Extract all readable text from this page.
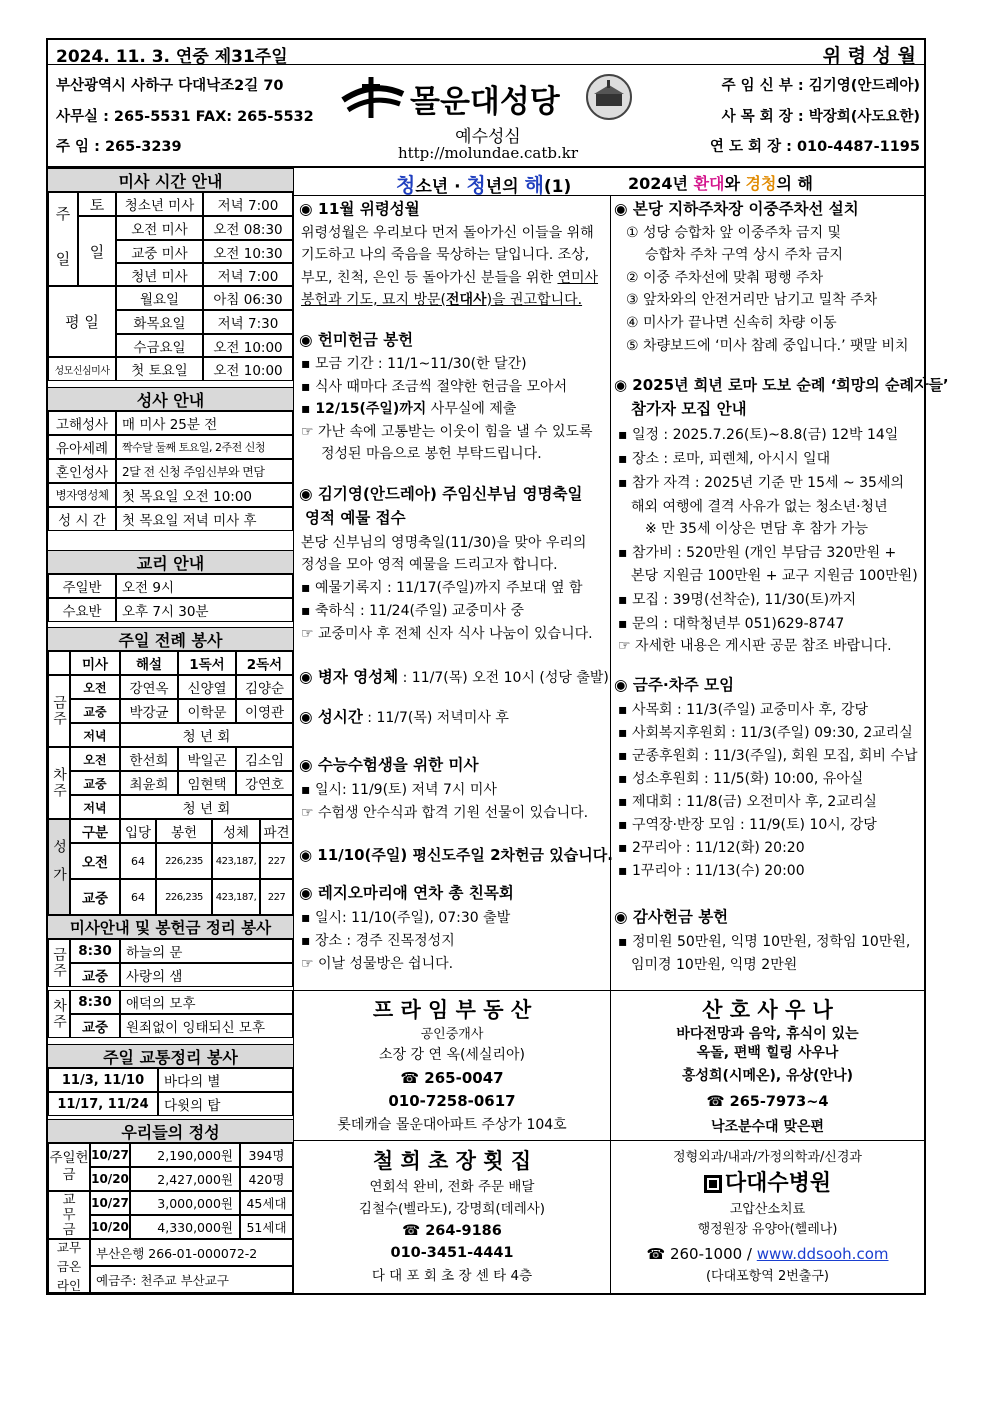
2024. 11. 3. 연중 제31주일	위 령 성 월
부산광역시 사하구 다대낙조2길 70
사무실 : 265-5531 FAX: 265-5532
주 임 : 265-3239
몰운대성당
예수성심
http://molundae.catb.kr
주 임 신 부 : 김기영(안드레아)
사 목 회 장 : 박장희(사도요한)
연 도 회 장 : 010-4487-1195
청소년 · 청년의 해(1)	2024년 환대와 경청의 해
미사 시간 안내
주 일
토
일
청소년 미사	저녁 7:00
오전 미사	오전 08:30
교중 미사	오전 10:30
청년 미사	저녁 7:00
평 일
월요일	아침 06:30
화목요일	저녁 7:30
수금요일	오전 10:00
성모신심미사	첫 토요일	오전 10:00
성사 안내
고해성사	매 미사 25분 전
유아세례	짝수달 둘째 토요일, 2주전 신청
혼인성사	2달 전 신청 주임신부와 면담
병자영성체 첫 목요일 오전 10:00
성 시 간	첫 목요일 저녁 미사 후
교리 안내
주일반	오전 9시
수요반	오후 7시 30분
주일 전례 봉사
미사	해설	1독서	2독서
금주
오전	강연옥	신양열	김양순
교중	박강균	이학문	이영관
저녁	청 년 회
차주
오전	한선희	박일곤	김소임
교중	최윤희	임현택	강연호
저녁	청 년 회
성가
구분	입당	봉헌	성체	파견
오전	64	226,235	423,187,	227
교중	64	226,235	423,187,	227
미사안내 및 봉헌금 정리 봉사
금주 8:30	하늘의 문
교중	사랑의 샘
차주 8:30	애덕의 모후
교중	원죄없이 잉태되신 모후
주일 교통정리 봉사
11/3, 11/10	바다의 별
11/17, 11/24	다윗의 탑
우리들의 정성
주일헌금
10/27	2,190,000원	394명
10/20	2,427,000원	420명
교무금
10/27	3,000,000원	45세대
10/20	4,330,000원	51세대
교무금온라인
부산은행 266-01-000072-2
예금주: 천주교 부산교구
◉ 11월 위령성월
위령성월은 우리보다 먼저 돌아가신 이들을 위해
기도하고 나의 죽음을 묵상하는 달입니다. 조상,
부모, 친척, 은인 등 돌아가신 분들을 위한 연미사
봉헌과 기도, 묘지 방문(전대사)을 권고합니다.
◉ 헌미헌금 봉헌
▪ 모금 기간 : 11/1~11/30(한 달간)
▪ 식사 때마다 조금씩 절약한 헌금을 모아서
▪ 12/15(주일)까지 사무실에 제출
☞ 가난 속에 고통받는 이웃이 힘을 낼 수 있도록
정성된 마음으로 봉헌 부탁드립니다.
◉ 김기영(안드레아) 주임신부님 영명축일
영적 예물 접수
본당 신부님의 영명축일(11/30)을 맞아 우리의
정성을 모아 영적 예물을 드리고자 합니다.
▪ 예물기록지 : 11/17(주일)까지 주보대 옆 함
▪ 축하식 : 11/24(주일) 교중미사 중
☞ 교중미사 후 전체 신자 식사 나눔이 있습니다.
◉ 병자 영성체 : 11/7(목) 오전 10시 (성당 출발)
◉ 성시간 : 11/7(목) 저녁미사 후
◉ 수능수험생을 위한 미사
▪ 일시: 11/9(토) 저녁 7시 미사
☞ 수험생 안수식과 합격 기원 선물이 있습니다.
◉ 11/10(주일) 평신도주일 2차헌금 있습니다.
◉ 레지오마리애 연차 총 친목회
▪ 일시: 11/10(주일), 07:30 출발
▪ 장소 : 경주 진목정성지
☞ 이날 성물방은 쉽니다.
◉ 본당 지하주차장 이중주차선 설치
① 성당 승합차 앞 이중주차 금지 및
승합차 주차 구역 상시 주차 금지
② 이중 주차선에 맞춰 평행 주차
③ 앞차와의 안전거리만 남기고 밀착 주차
④ 미사가 끝나면 신속히 차량 이동
⑤ 차량보드에 ‘미사 참례 중입니다.’ 팻말 비치
◉ 2025년 희년 로마 도보 순례 ‘희망의 순례자들’
참가자 모집 안내
▪ 일정 : 2025.7.26(토)~8.8(금) 12박 14일
▪ 장소 : 로마, 피렌체, 아시시 일대
▪ 참가 자격 : 2025년 기준 만 15세 ~ 35세의
해외 여행에 결격 사유가 없는 청소년·청년
※ 만 35세 이상은 면담 후 참가 가능
▪ 참가비 : 520만원 (개인 부담금 320만원 +
본당 지원금 100만원 + 교구 지원금 100만원)
▪ 모집 : 39명(선착순), 11/30(토)까지
▪ 문의 : 대학청년부 051)629-8747
☞ 자세한 내용은 게시판 공문 참조 바랍니다.
◉ 금주·차주 모임
▪ 사목회 : 11/3(주일) 교중미사 후, 강당
▪ 사회복지후원회 : 11/3(주일) 09:30, 2교리실
▪ 군종후원회 : 11/3(주일), 회원 모집, 회비 수납
▪ 성소후원회 : 11/5(화) 10:00, 유아실
▪ 제대회 : 11/8(금) 오전미사 후, 2교리실
▪ 구역장·반장 모임 : 11/9(토) 10시, 강당
▪ 2꾸리아 : 11/12(화) 20:20
▪ 1꾸리아 : 11/13(수) 20:00
◉ 감사헌금 봉헌
▪ 정미원 50만원, 익명 10만원, 정학임 10만원,
임미경 10만원, 익명 2만원
프 라 임 부 동 산
공인중개사
소장 강 연 옥(세실리아)
☎ 265-0047
010-7258-0617
롯데캐슬 몰운대아파트 주상가 104호
산 호 사 우 나
바다전망과 음악, 휴식이 있는
옥돌, 편백 힐링 사우나
홍성희(시메온), 유상(안나)
☎ 265-7973~4
낙조분수대 맞은편
철 희 초 장 횟 집
연회석 완비, 전화 주문 배달
김철수(벨라도), 강명희(데레사)
☎ 264-9186
010-3451-4441
다 대 포 회 초 장 센 타 4층
정형외과/내과/가정의학과/신경과
다대수병원
고압산소치료
행정원장 유양아(헬레나)
☎ 260-1000 / www.ddsooh.com
(다대포항역 2번출구)
